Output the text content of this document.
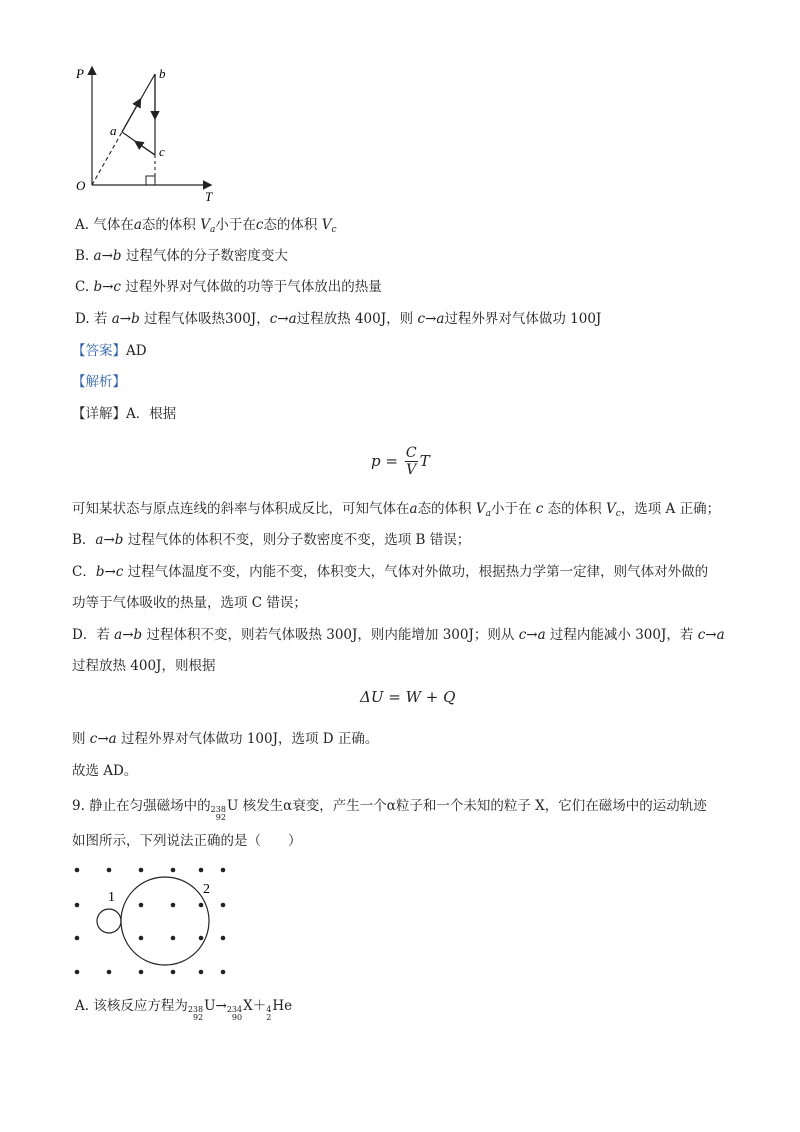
P
T
O
a
b
c
A. 气体在a态的体积 $V_a$小于在c态的体积 $V_c$
B. a→b 过程气体的分子数密度变大
C. b→c 过程外界对气体做的功等于气体放出的热量
D. 若 a→b 过程气体吸热300J，c→a过程放热 400J，则 c→a过程外界对气体做功 100J
【答案】AD
【解析】
【详解】A．根据
p = C
V T
可知某状态与原点连线的斜率与体积成反比，可知气体在a态的体积 $V_a$小于在 c 态的体积 $V_c$，选项 A 正确；
B．a→b 过程气体的体积不变，则分子数密度不变，选项 B 错误；
C．b→c 过程气体温度不变，内能不变，体积变大，气体对外做功，根据热力学第一定律，则气体对外做的
功等于气体吸收的热量，选项 C 错误；
D．若 a→b 过程体积不变，则若气体吸热 300J，则内能增加 300J；则从 c→a 过程内能减小 300J，若 c→a
过程放热 400J，则根据
ΔU = W + Q
则 c→a 过程外界对气体做功 100J，选项 D 正确。
故选 AD。
9. 静止在匀强磁场中的 238
92
U 核发生α衰变，产生一个α粒子和一个未知的粒子 X，它们在磁场中的运动轨迹
如图所示，下列说法正确的是（　　）
1
2
A. 该核反应方程为 238
92
U→ 234
90
X＋ 4
2
He
